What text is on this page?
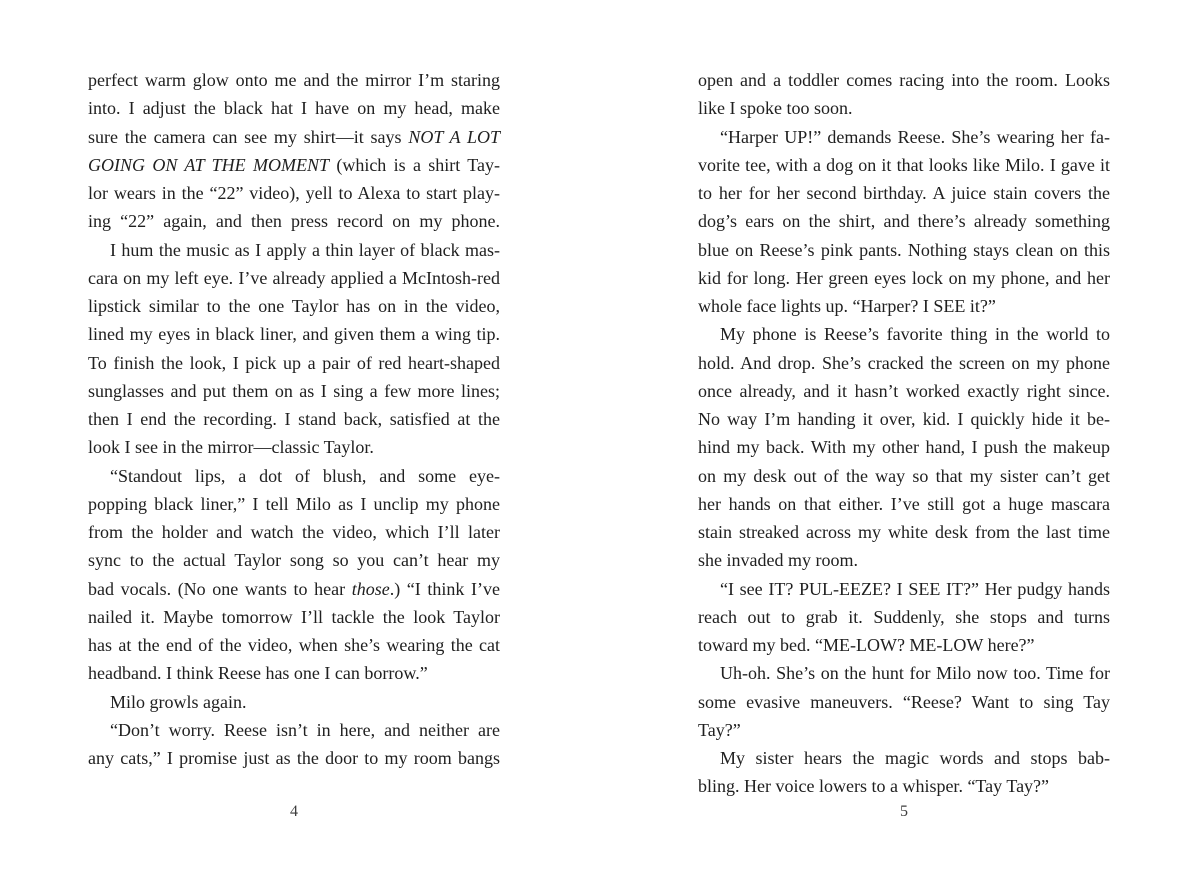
perfect warm glow onto me and the mirror I’m staring
into. I adjust the black hat I have on my head, make
sure the camera can see my shirt—it says NOT A LOT
GOING ON AT THE MOMENT (which is a shirt Tay-
lor wears in the “22” video), yell to Alexa to start play-
ing “22” again, and then press record on my phone.
I hum the music as I apply a thin layer of black mas-
cara on my left eye. I’ve already applied a McIntosh-red
lipstick similar to the one Taylor has on in the video,
lined my eyes in black liner, and given them a wing tip.
To finish the look, I pick up a pair of red heart-shaped
sunglasses and put them on as I sing a few more lines;
then I end the recording. I stand back, satisfied at the
look I see in the mirror—classic Taylor.
“Standout lips, a dot of blush, and some eye-
popping black liner,” I tell Milo as I unclip my phone
from the holder and watch the video, which I’ll later
sync to the actual Taylor song so you can’t hear my
bad vocals. (No one wants to hear those.) “I think I’ve
nailed it. Maybe tomorrow I’ll tackle the look Taylor
has at the end of the video, when she’s wearing the cat
headband. I think Reese has one I can borrow.”
Milo growls again.
“Don’t worry. Reese isn’t in here, and neither are
any cats,” I promise just as the door to my room bangs
open and a toddler comes racing into the room. Looks
like I spoke too soon.
“Harper UP!” demands Reese. She’s wearing her fa-
vorite tee, with a dog on it that looks like Milo. I gave it
to her for her second birthday. A juice stain covers the
dog’s ears on the shirt, and there’s already something
blue on Reese’s pink pants. Nothing stays clean on this
kid for long. Her green eyes lock on my phone, and her
whole face lights up. “Harper? I SEE it?”
My phone is Reese’s favorite thing in the world to
hold. And drop. She’s cracked the screen on my phone
once already, and it hasn’t worked exactly right since.
No way I’m handing it over, kid. I quickly hide it be-
hind my back. With my other hand, I push the makeup
on my desk out of the way so that my sister can’t get
her hands on that either. I’ve still got a huge mascara
stain streaked across my white desk from the last time
she invaded my room.
“I see IT? PUL-EEZE? I SEE IT?” Her pudgy hands
reach out to grab it. Suddenly, she stops and turns
toward my bed. “ME-LOW? ME-LOW here?”
Uh-oh. She’s on the hunt for Milo now too. Time for
some evasive maneuvers. “Reese? Want to sing Tay Tay?”
My sister hears the magic words and stops bab-
bling. Her voice lowers to a whisper. “Tay Tay?”
4	5
